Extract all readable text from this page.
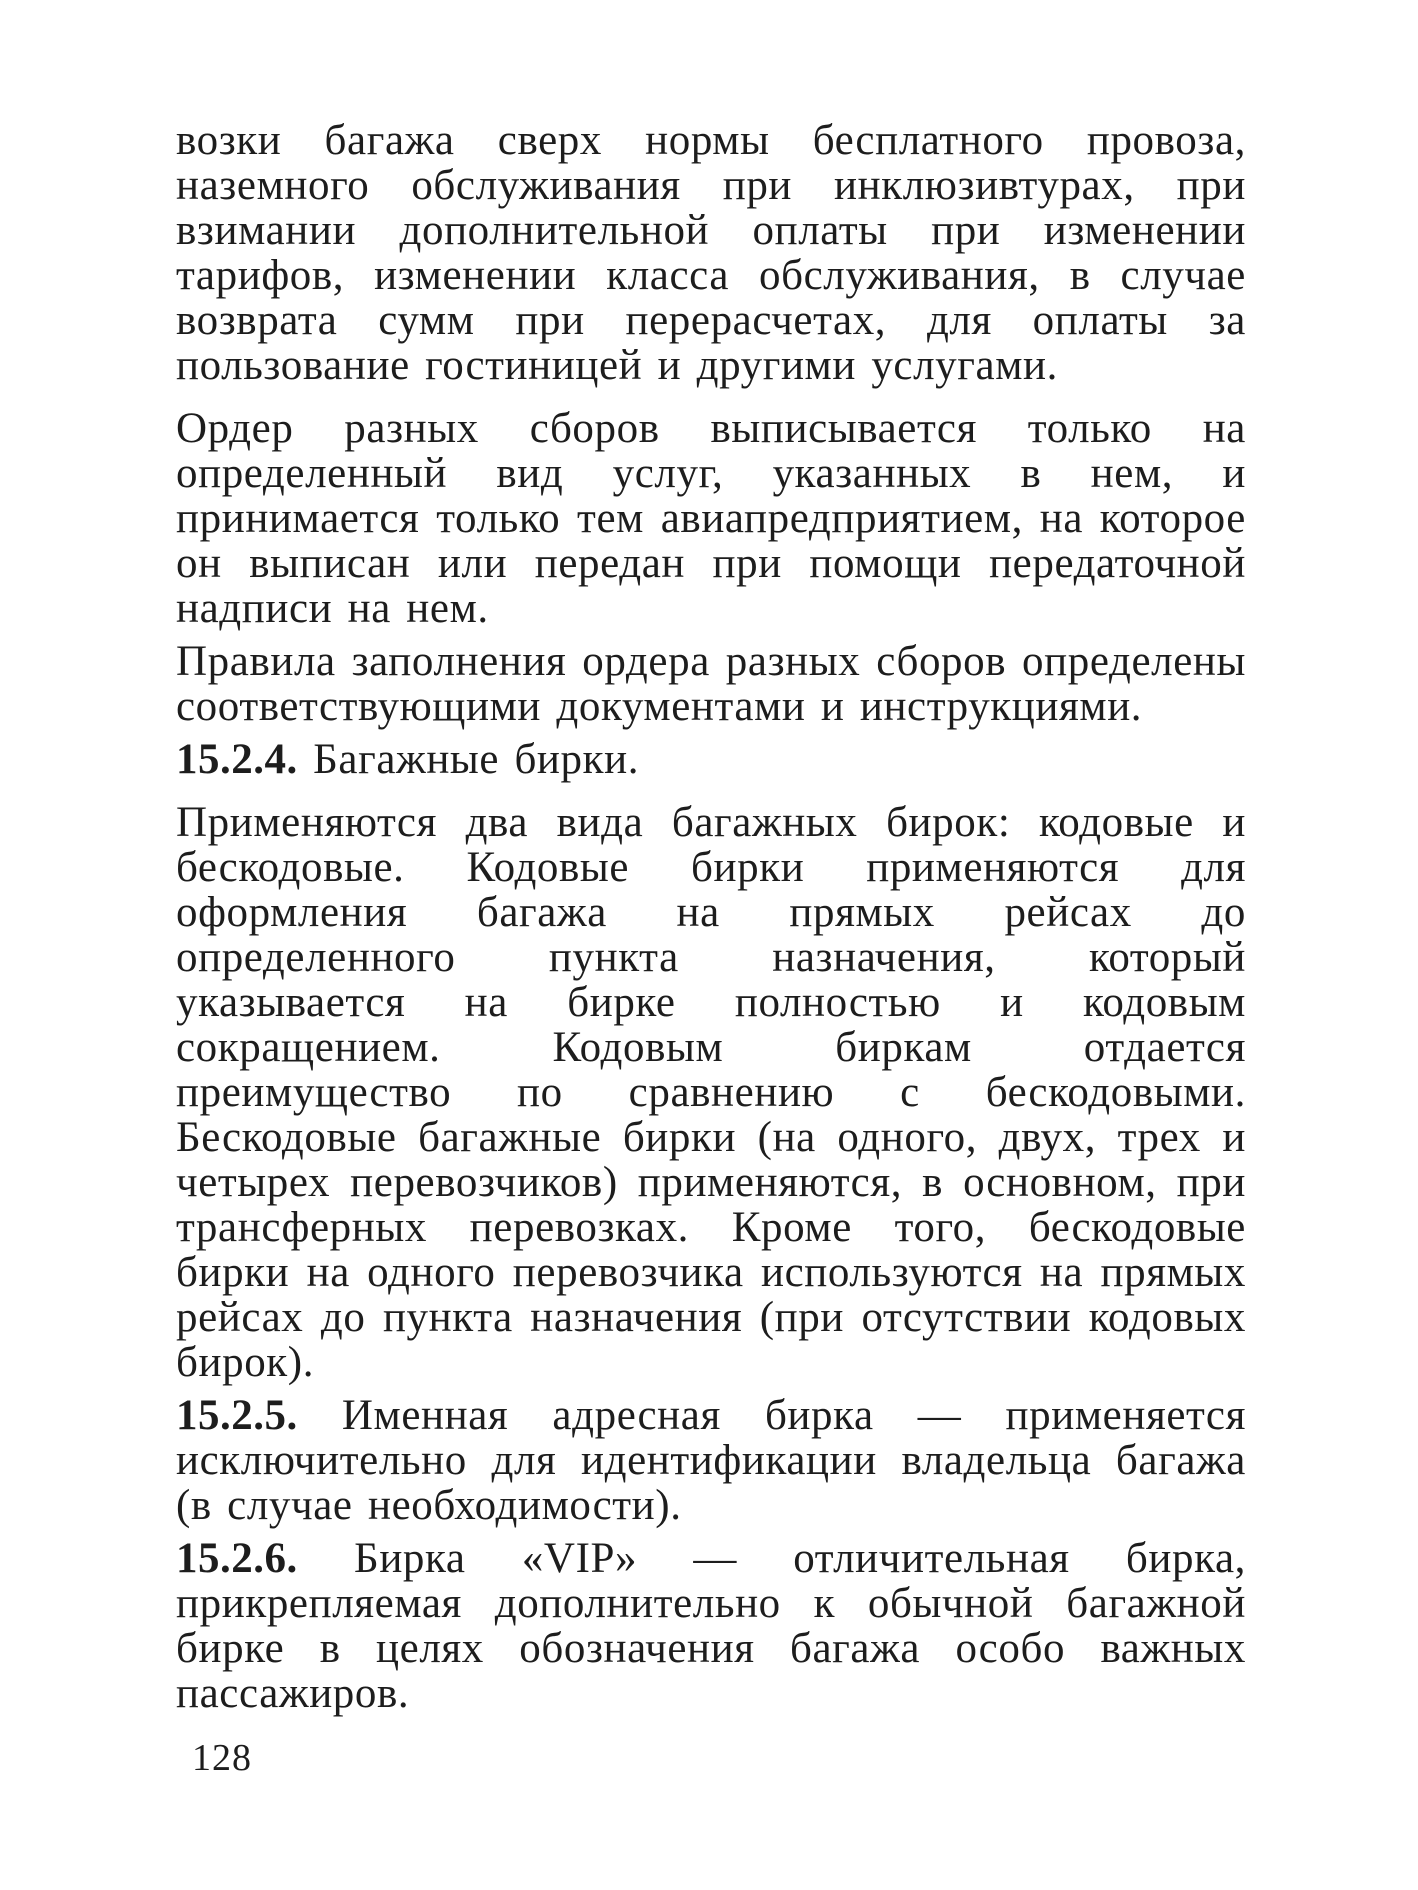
возки багажа сверх нормы бесплатного провоза, наземного обслуживания при инклюзивтурах, при взимании дополнительной оплаты при изменении тарифов, изменении класса обслуживания, в случае возврата сумм при перерасчетах, для оплаты за пользование гостиницей и другими услугами.

Ордер разных сборов выписывается только на определенный вид услуг, указанных в нем, и принимается только тем авиапредприятием, на которое он выписан или передан при помощи передаточной надписи на нем.

Правила заполнения ордера разных сборов определены соответствующими документами и инструкциями.

15.2.4. Багажные бирки.

Применяются два вида багажных бирок: кодовые и бескодовые. Кодовые бирки применяются для оформления багажа на прямых рейсах до определенного пункта назначения, который указывается на бирке полностью и кодовым сокращением. Кодовым биркам отдается преимущество по сравнению с бескодовыми. Бескодовые багажные бирки (на одного, двух, трех и четырех перевозчиков) применяются, в основном, при трансферных перевозках. Кроме того, бескодовые бирки на одного перевозчика используются на прямых рейсах до пункта назначения (при отсутствии кодовых бирок).

15.2.5. Именная адресная бирка — применяется исключительно для идентификации владельца багажа (в случае необходимости).

15.2.6. Бирка «VIP» — отличительная бирка, прикрепляемая дополнительно к обычной багажной бирке в целях обозначения багажа особо важных пассажиров.

128
